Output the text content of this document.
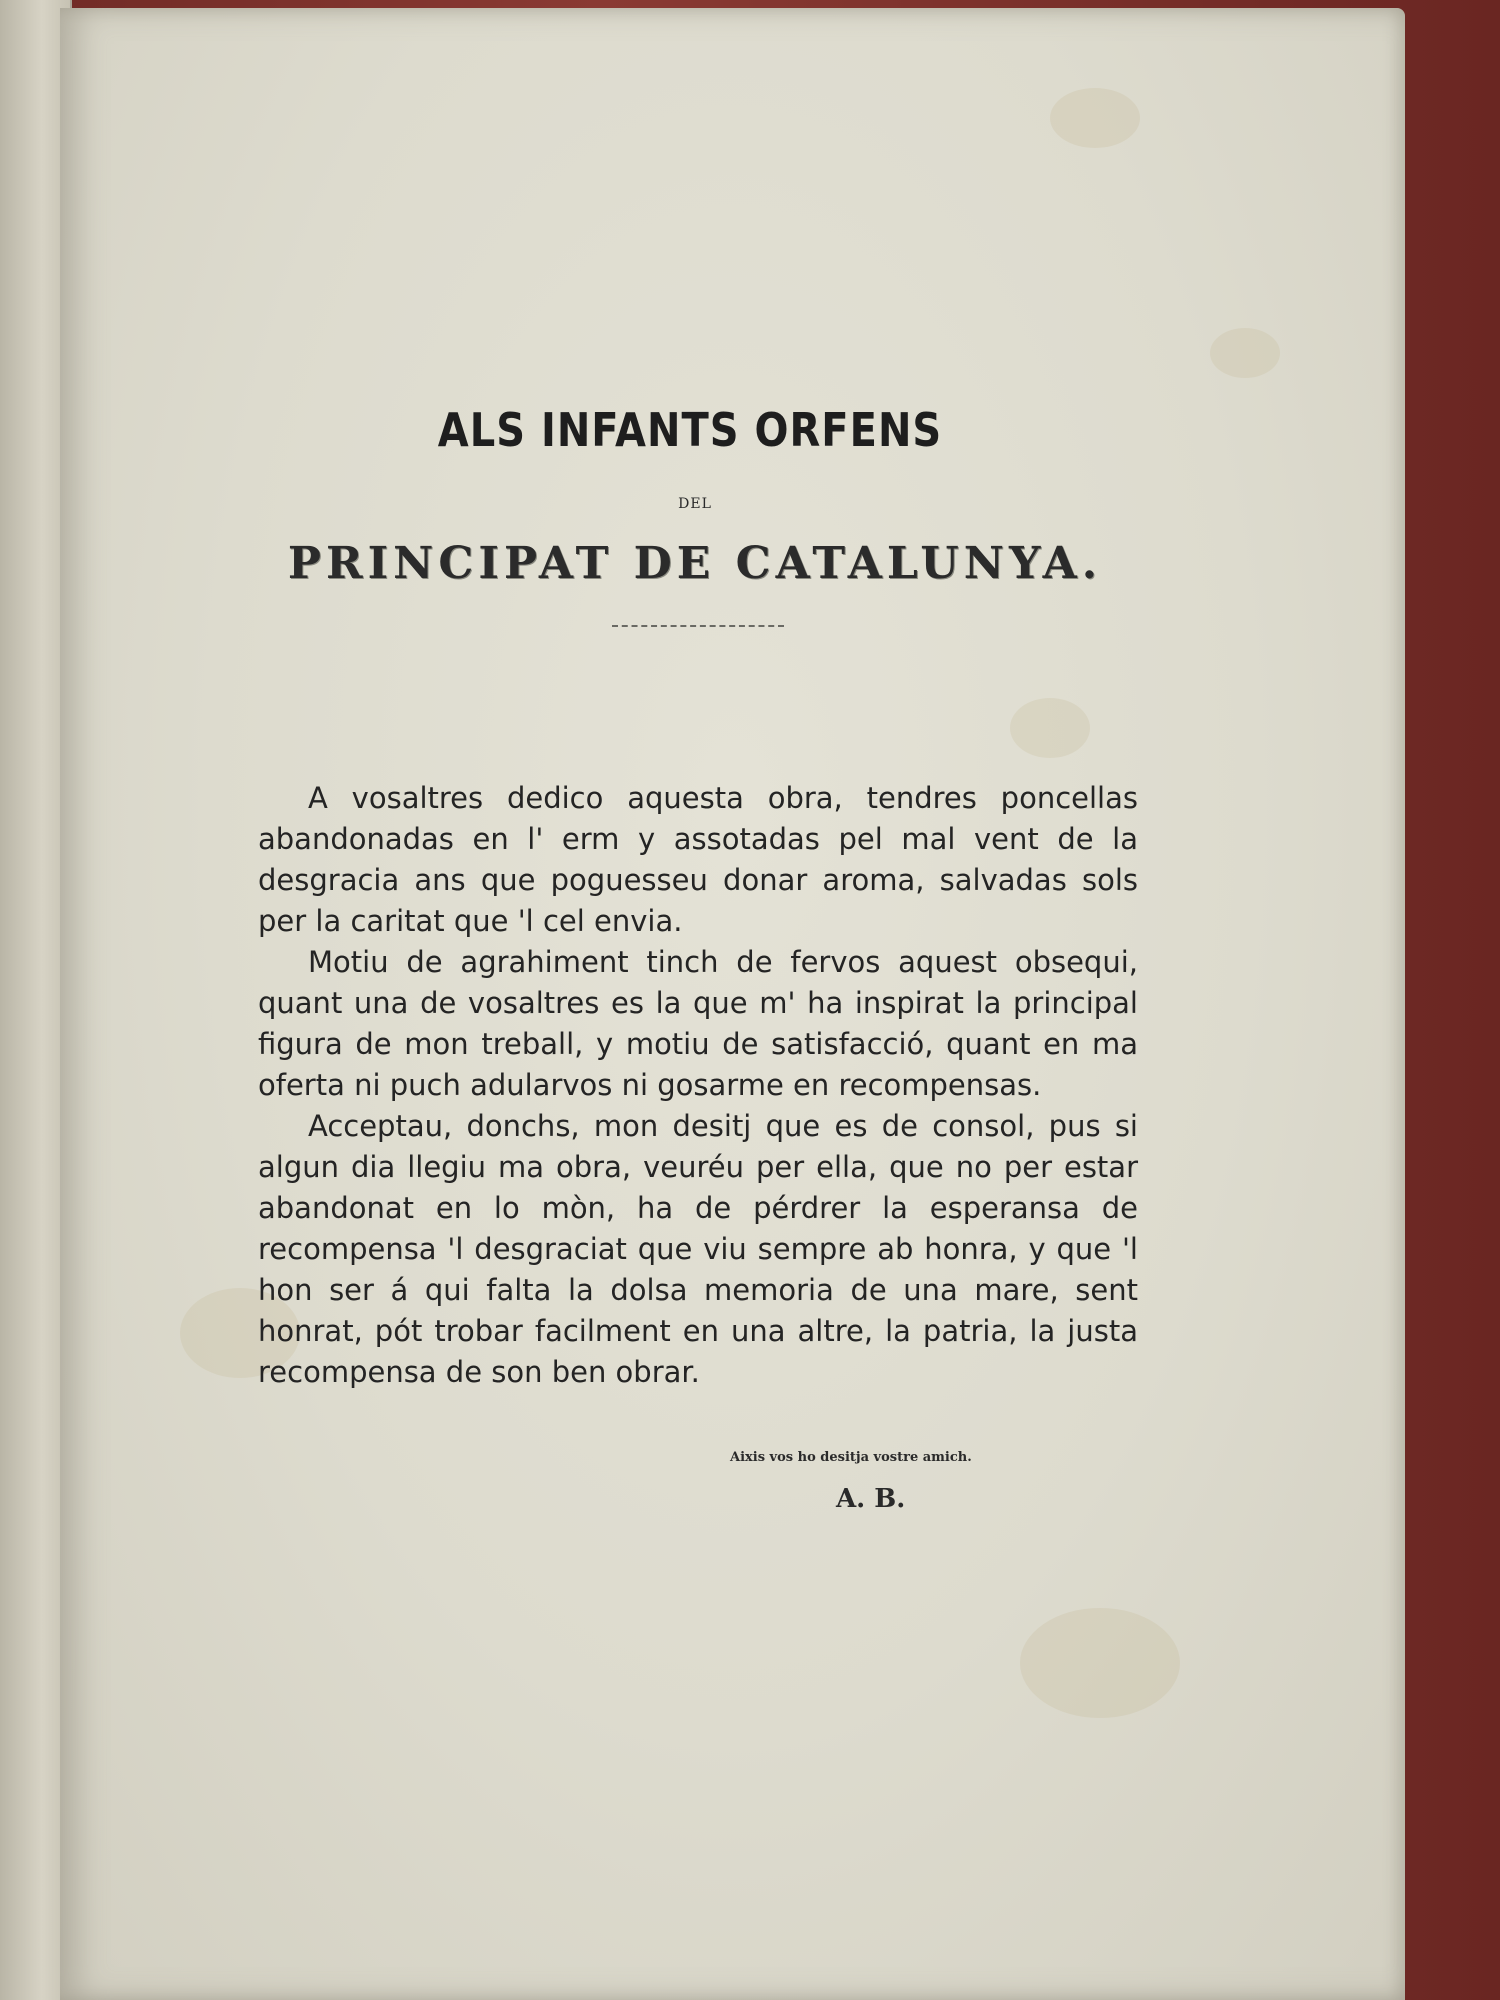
ALS INFANTS ORFENS
DEL
PRINCIPAT DE CATALUNYA.

A vosaltres dedico aquesta obra, tendres poncellas abandonadas en l' erm y assotadas pel mal vent de la desgracia ans que poguesseu donar aroma, salvadas sols per la caritat que 'l cel envia.

Motiu de agrahiment tinch de fervos aquest obsequi, quant una de vosaltres es la que m' ha inspirat la principal figura de mon treball, y motiu de satisfacció, quant en ma oferta ni puch adularvos ni gosarme en recompensas.

Acceptau, donchs, mon desitj que es de consol, pus si algun dia llegiu ma obra, veuréu per ella, que no per estar abandonat en lo mòn, ha de pérdrer la esperansa de recompensa 'l desgraciat que viu sempre ab honra, y que 'l hon ser á qui falta la dolsa memoria de una mare, sent honrat, pót trobar facilment en una altre, la patria, la justa recompensa de son ben obrar.

Aixis vos ho desitja vostre amich.
A. B.
